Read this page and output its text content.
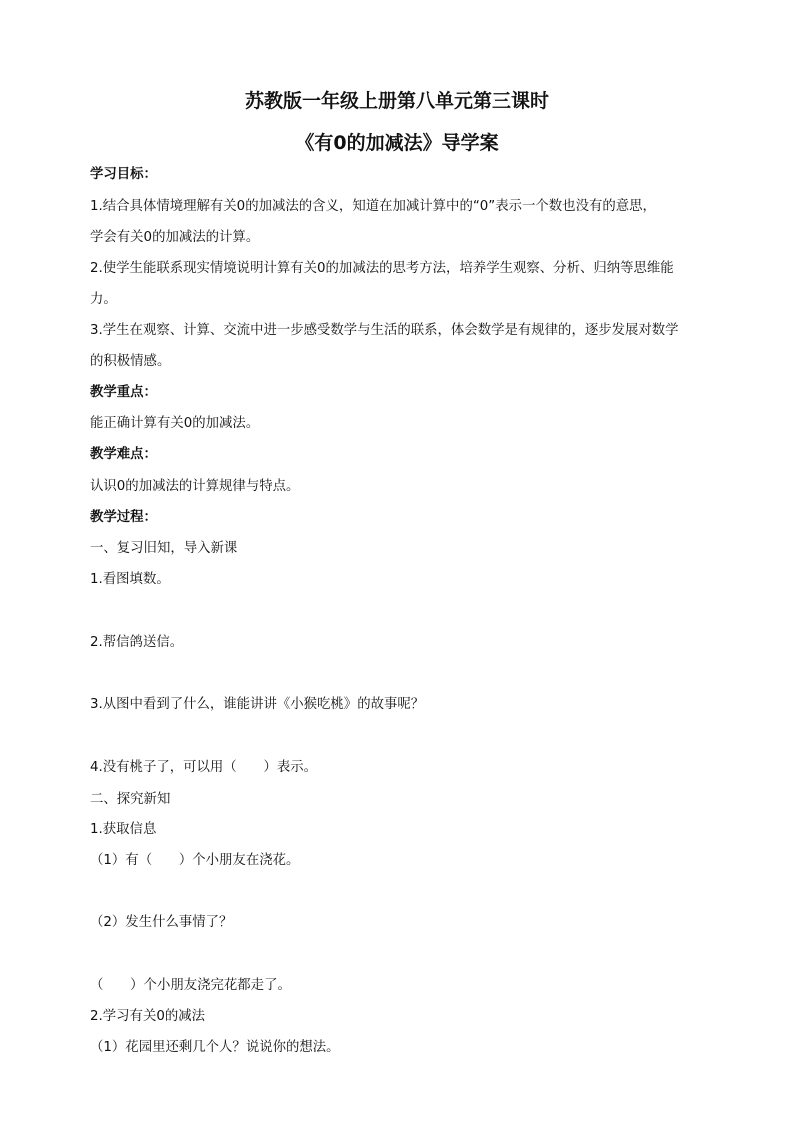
苏教版一年级上册第八单元第三课时
《有0的加减法》导学案
学习目标：
1.结合具体情境理解有关0的加减法的含义，知道在加减计算中的“0”表示一个数也没有的意思，
学会有关0的加减法的计算。
2.使学生能联系现实情境说明计算有关0的加减法的思考方法，培养学生观察、分析、归纳等思维能
力。
3.学生在观察、计算、交流中进一步感受数学与生活的联系，体会数学是有规律的，逐步发展对数学
的积极情感。
教学重点：
能正确计算有关0的加减法。
教学难点：
认识0的加减法的计算规律与特点。
教学过程：
一、复习旧知，导入新课
1.看图填数。
2.帮信鸽送信。
3.从图中看到了什么，谁能讲讲《小猴吃桃》的故事呢？
4.没有桃子了，可以用（　　）表示。
二、探究新知
1.获取信息
（1）有（　　）个小朋友在浇花。
（2）发生什么事情了？
（　　）个小朋友浇完花都走了。
2.学习有关0的减法
（1）花园里还剩几个人？说说你的想法。
